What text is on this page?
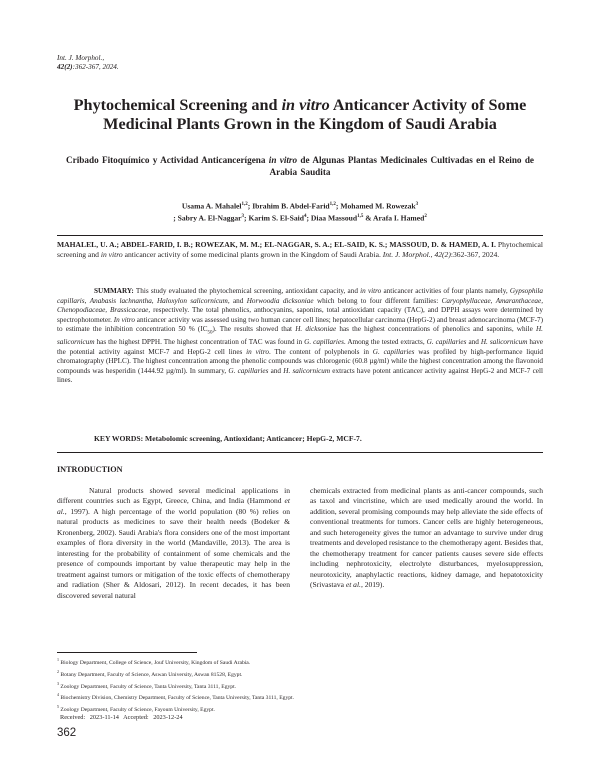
Int. J. Morphol.,
42(2):362-367, 2024.
Phytochemical Screening and in vitro Anticancer Activity of Some Medicinal Plants Grown in the Kingdom of Saudi Arabia
Cribado Fitoquímico y Actividad Anticancerígena in vitro de Algunas Plantas Medicinales Cultivadas en el Reino de Arabia Saudita
Usama A. Mahalel$^{1,2}$; Ibrahim B. Abdel-Farid$^{1,2}$; Mohamed M. Rowezak$^3$
; Sabry A. El-Naggar$^3$; Karim S. El-Said$^4$; Diaa Massoud$^{1,5}$ & Arafa I. Hamed$^2$

MAHALEL, U. A.; ABDEL-FARID, I. B.; ROWEZAK, M. M.; EL-NAGGAR, S. A.; EL-SAID, K. S.; MASSOUD, D. & HAMED, A. I. Phytochemical screening and in vitro anticancer activity of some medicinal plants grown in the Kingdom of Saudi Arabia. Int. J. Morphol., 42(2):362-367, 2024.

SUMMARY: This study evaluated the phytochemical screening, antioxidant capacity, and in vitro anticancer activities of four plants namely, Gypsophila capillaris, Anabasis lachnantha, Haloxylon salicornicum, and Horwoodia dicksoniae which belong to four different families: Caryophyllaceae, Amaranthaceae, Chenopodiaceae, Brassicaceae, respectively. The total phenolics, anthocyanins, saponins, total antioxidant capacity (TAC), and DPPH assays were determined by spectrophotometer. In vitro anticancer activity was assessed using two human cancer cell lines; hepatocellular carcinoma (HepG-2) and breast adenocarcinoma (MCF-7) to estimate the inhibition concentration 50 % $(IC_{50})$. The results showed that H. dicksoniae has the highest concentrations of phenolics and saponins, while H. salicornicum has the highest DPPH. The highest concentration of TAC was found in G. capillaries. Among the tested extracts, G. capillaries and H. salicornicum have the potential activity against MCF-7 and HepG-2 cell lines in vitro. The content of polyphenols in G. capillaries was profiled by high-performance liquid chromatography (HPLC). The highest concentration among the phenolic compounds was chlorogenic (60.8 µg/ml) while the highest concentration among the flavonoid compounds was hesperidin (1444.92 µg/ml). In summary, G. capillaries and H. salicornicum extracts have potent anticancer activity against HepG-2 and MCF-7 cell lines.

KEY WORDS: Metabolomic screening, Antioxidant; Anticancer; HepG-2, MCF-7.
INTRODUCTION

Natural products showed several medicinal applications in different countries such as Egypt, Greece, China, and India (Hammond et al., 1997). A high percentage of the world population (80 %) relies on natural products as medicines to save their health needs (Bodeker & Kronenberg, 2002). Saudi Arabia's flora considers one of the most important examples of flora diversity in the world (Mandaville, 2013). The area is interesting for the probability of containment of some chemicals and the presence of compounds important by value therapeutic may help in the treatment against tumors or mitigation of the toxic effects of chemotherapy and radiation (Sher & Aldosari, 2012). In recent decades, it has been discovered several natural

chemicals extracted from medicinal plants as anti-cancer compounds, such as taxol and vincristine, which are used medically around the world. In addition, several promising compounds may help alleviate the side effects of conventional treatments for tumors. Cancer cells are highly heterogeneous, and such heterogeneity gives the tumor an advantage to survive under drug treatments and developed resistance to the chemotherapy agent. Besides that, the chemotherapy treatment for cancer patients causes severe side effects including nephrotoxicity, electrolyte disturbances, myelosuppression, neurotoxicity, anaphylactic reactions, kidney damage, and hepatotoxicity (Srivastava et al., 2019).

$^1$ Biology Department, College of Science, Jouf University, Kingdom of Saudi Arabia.
$^2$ Botany Department, Faculty of Science, Aswan University, Aswan 81528, Egypt.
$^3$ Zoology Department, Faculty of Science, Tanta University, Tanta 3111, Egypt.
$^4$ Biochemistry Division, Chemistry Department, Faculty of Science, Tanta University, Tanta 3111, Egypt.
$^5$ Zoology Department, Faculty of Science, Fayoum University, Egypt.
Received: 2023-11-14 Accepted: 2023-12-24
362
